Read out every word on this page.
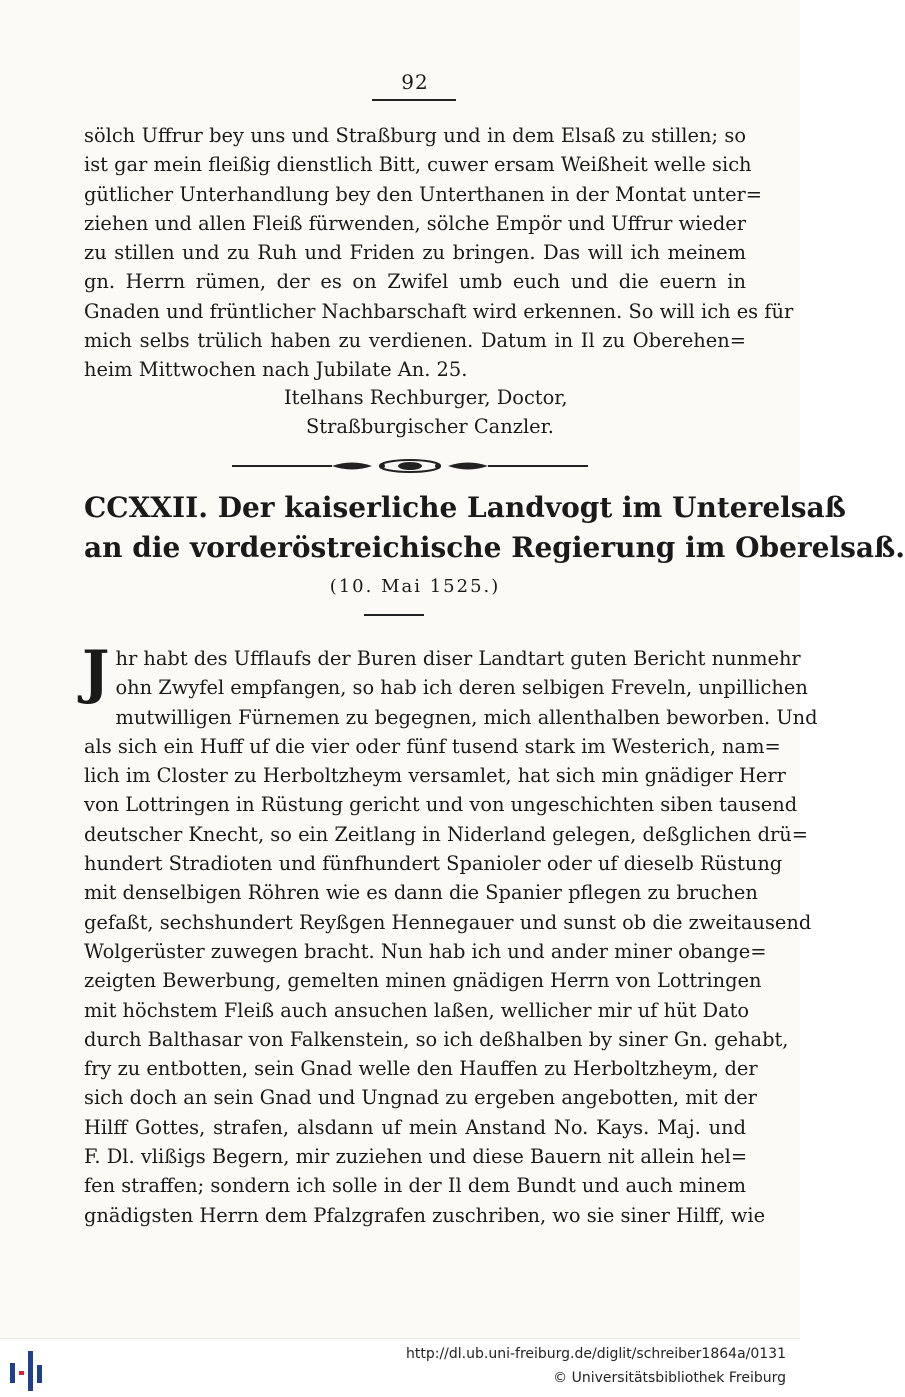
92
sölch Uffrur bey uns und Straßburg und in dem Elsaß zu stillen; so
ist gar mein fleißig dienstlich Bitt, cuwer ersam Weißheit welle sich
gütlicher Unterhandlung bey den Unterthanen in der Montat unter=
ziehen und allen Fleiß fürwenden, sölche Empör und Uffrur wieder
zu stillen und zu Ruh und Friden zu bringen. Das will ich meinem
gn. Herrn rümen, der es on Zwifel umb euch und die euern in
Gnaden und früntlicher Nachbarschaft wird erkennen. So will ich es für
mich selbs trülich haben zu verdienen. Datum in Il zu Oberehen=
heim Mittwochen nach Jubilate An. 25.
Itelhans Rechburger, Doctor,
Straßburgischer Canzler.
CCXXII. Der kaiserliche Landvogt im Unterelsaß
an die vorderöstreichische Regierung im Oberelsaß.
(10. Mai 1525.)
J hr habt des Ufflaufs der Buren diser Landtart guten Bericht nunmehr
ohn Zwyfel empfangen, so hab ich deren selbigen Freveln, unpillichen
mutwilligen Fürnemen zu begegnen, mich allenthalben beworben. Und
als sich ein Huff uf die vier oder fünf tusend stark im Westerich, nam=
lich im Closter zu Herboltzheym versamlet, hat sich min gnädiger Herr
von Lottringen in Rüstung gericht und von ungeschichten siben tausend
deutscher Knecht, so ein Zeitlang in Niderland gelegen, deßglichen drü=
hundert Stradioten und fünfhundert Spanioler oder uf dieselb Rüstung
mit denselbigen Röhren wie es dann die Spanier pflegen zu bruchen
gefaßt, sechshundert Reyßgen Hennegauer und sunst ob die zweitausend
Wolgerüster zuwegen bracht. Nun hab ich und ander miner obange=
zeigten Bewerbung, gemelten minen gnädigen Herrn von Lottringen
mit höchstem Fleiß auch ansuchen laßen, wellicher mir uf hüt Dato
durch Balthasar von Falkenstein, so ich deßhalben by siner Gn. gehabt,
fry zu entbotten, sein Gnad welle den Hauffen zu Herboltzheym, der
sich doch an sein Gnad und Ungnad zu ergeben angebotten, mit der
Hilff Gottes, strafen, alsdann uf mein Anstand No. Kays. Maj. und
F. Dl. vlißigs Begern, mir zuziehen und diese Bauern nit allein hel=
fen straffen; sondern ich solle in der Il dem Bundt und auch minem
gnädigsten Herrn dem Pfalzgrafen zuschriben, wo sie siner Hilff, wie
http://dl.ub.uni-freiburg.de/diglit/schreiber1864a/0131
© Universitätsbibliothek Freiburg
